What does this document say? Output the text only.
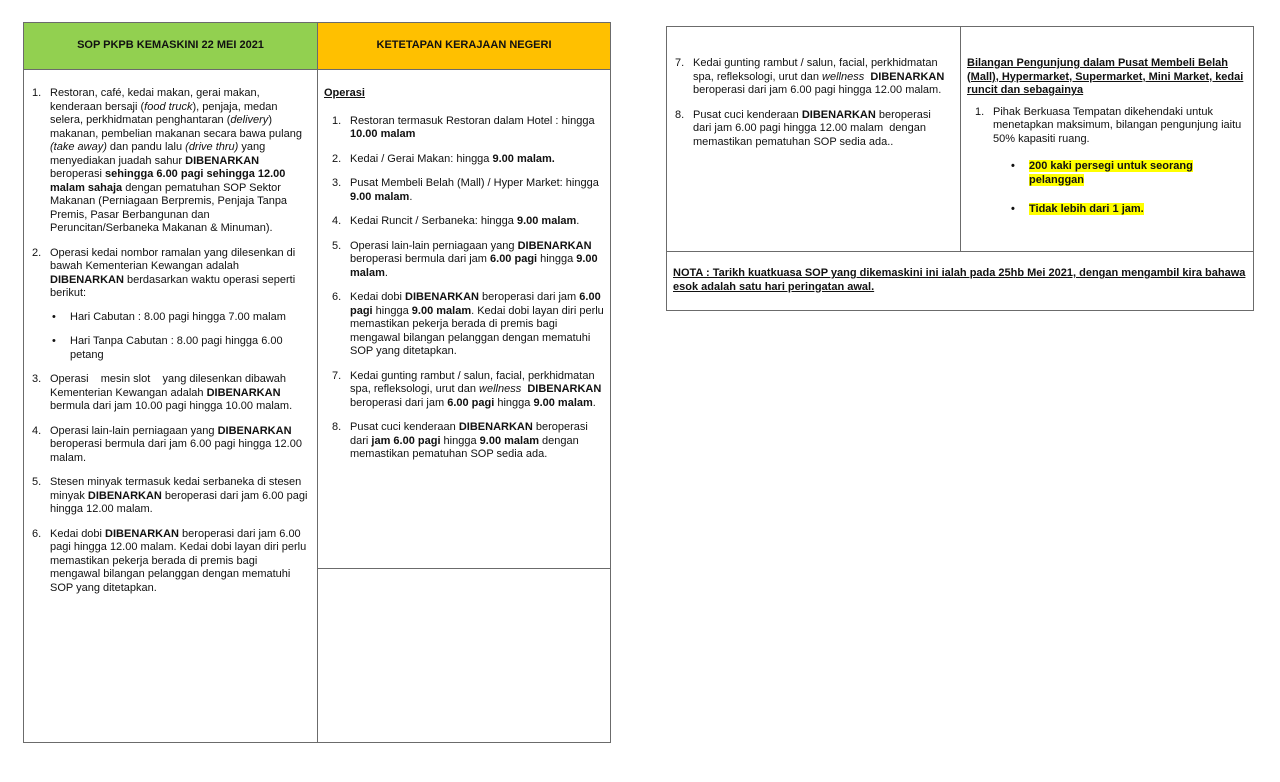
SOP PKPB KEMASKINI 22 MEI 2021	KETETAPAN KERAJAAN NEGERI
1. Restoran, café, kedai makan, gerai makan, kenderaan bersaji (food truck), penjaja, medan selera, perkhidmatan penghantaran (delivery) makanan, pembelian makanan secara bawa pulang (take away) dan pandu lalu (drive thru) yang menyediakan juadah sahur DIBENARKAN beroperasi sehingga 6.00 pagi sehingga 12.00 malam sahaja dengan pematuhan SOP Sektor Makanan (Perniagaan Berpremis, Penjaja Tanpa Premis, Pasar Berbangunan dan Peruncitan/Serbaneka Makanan & Minuman).
2. Operasi kedai nombor ramalan yang dilesenkan di bawah Kementerian Kewangan adalah DIBENARKAN berdasarkan waktu operasi seperti berikut:
• Hari Cabutan : 8.00 pagi hingga 7.00 malam
• Hari Tanpa Cabutan : 8.00 pagi hingga 6.00 petang
3. Operasi    mesin slot    yang dilesenkan dibawah Kementerian Kewangan adalah DIBENARKAN bermula dari jam 10.00 pagi hingga 10.00 malam.
4. Operasi lain-lain perniagaan yang DIBENARKAN beroperasi bermula dari jam 6.00 pagi hingga 12.00 malam.
5. Stesen minyak termasuk kedai serbaneka di stesen minyak DIBENARKAN beroperasi dari jam 6.00 pagi hingga 12.00 malam.
6. Kedai dobi DIBENARKAN beroperasi dari jam 6.00 pagi hingga 12.00 malam. Kedai dobi layan diri perlu memastikan pekerja berada di premis bagi mengawal bilangan pelanggan dengan mematuhi SOP yang ditetapkan.
Operasi
1. Restoran termasuk Restoran dalam Hotel : hingga 10.00 malam
2. Kedai / Gerai Makan: hingga 9.00 malam.
3. Pusat Membeli Belah (Mall) / Hyper Market: hingga 9.00 malam.
4. Kedai Runcit / Serbaneka: hingga 9.00 malam.
5. Operasi lain-lain perniagaan yang DIBENARKAN beroperasi bermula dari jam 6.00 pagi hingga 9.00 malam.
6. Kedai dobi DIBENARKAN beroperasi dari jam 6.00 pagi hingga 9.00 malam. Kedai dobi layan diri perlu memastikan pekerja berada di premis bagi mengawal bilangan pelanggan dengan mematuhi SOP yang ditetapkan.
7. Kedai gunting rambut / salun, facial, perkhidmatan spa, refleksologi, urut dan wellness DIBENARKAN beroperasi dari jam 6.00 pagi hingga 9.00 malam.
8. Pusat cuci kenderaan DIBENARKAN beroperasi dari jam 6.00 pagi hingga 9.00 malam dengan memastikan pematuhan SOP sedia ada.
7. Kedai gunting rambut / salun, facial, perkhidmatan spa, refleksologi, urut dan wellness DIBENARKAN beroperasi dari jam 6.00 pagi hingga 12.00 malam.
8. Pusat cuci kenderaan DIBENARKAN beroperasi dari jam 6.00 pagi hingga 12.00 malam  dengan memastikan pematuhan SOP sedia ada..
Bilangan Pengunjung dalam Pusat Membeli Belah (Mall), Hypermarket, Supermarket, Mini Market, kedai runcit dan sebagainya
1. Pihak Berkuasa Tempatan dikehendaki untuk menetapkan maksimum, bilangan pengunjung iaitu 50% kapasiti ruang.
• 200 kaki persegi untuk seorang pelanggan
• Tidak lebih dari 1 jam.
NOTA : Tarikh kuatkuasa SOP yang dikemaskini ini ialah pada 25hb Mei 2021, dengan mengambil kira bahawa esok adalah satu hari peringatan awal.
